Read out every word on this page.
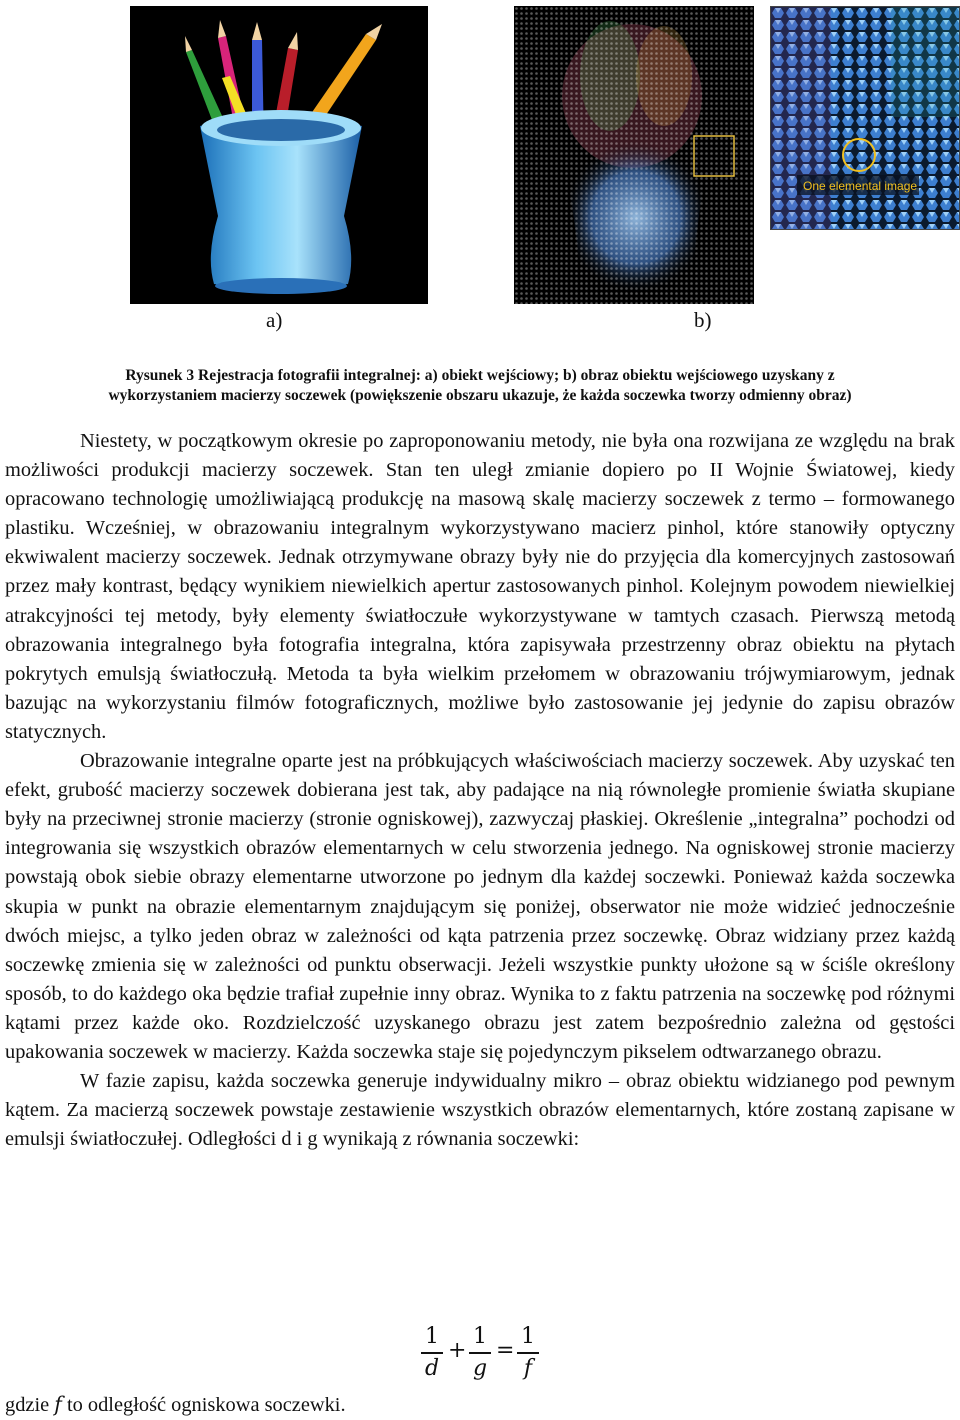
One elemental image
a)	b)
Rysunek 3 Rejestracja fotografii integralnej: a) obiekt wejściowy; b) obraz obiektu wejściowego uzyskany z
wykorzystaniem macierzy soczewek (powiększenie obszaru ukazuje, że każda soczewka tworzy odmienny obraz)

Niestety, w początkowym okresie po zaproponowaniu metody, nie była ona rozwijana ze względu na brak możliwości produkcji macierzy soczewek. Stan ten uległ zmianie dopiero po II Wojnie Światowej, kiedy opracowano technologię umożliwiającą produkcję na masową skalę macierzy soczewek z termo – formowanego plastiku. Wcześniej, w obrazowaniu integralnym wykorzystywano macierz pinhol, które stanowiły optyczny ekwiwalent macierzy soczewek. Jednak otrzymywane obrazy były nie do przyjęcia dla komercyjnych zastosowań przez mały kontrast, będący wynikiem niewielkich apertur zastosowanych pinhol. Kolejnym powodem niewielkiej atrakcyjności tej metody, były elementy światłoczułe wykorzystywane w tamtych czasach. Pierwszą metodą obrazowania integralnego była fotografia integralna, która zapisywała przestrzenny obraz obiektu na płytach pokrytych emulsją światłoczułą. Metoda ta była wielkim przełomem w obrazowaniu trójwymiarowym, jednak bazując na wykorzystaniu filmów fotograficznych, możliwe było zastosowanie jej jedynie do zapisu obrazów statycznych.

Obrazowanie integralne oparte jest na próbkujących właściwościach macierzy soczewek. Aby uzyskać ten efekt, grubość macierzy soczewek dobierana jest tak, aby padające na nią równoległe promienie światła skupiane były na przeciwnej stronie macierzy (stronie ogniskowej), zazwyczaj płaskiej. Określenie „integralna” pochodzi od integrowania się wszystkich obrazów elementarnych w celu stworzenia jednego. Na ogniskowej stronie macierzy powstają obok siebie obrazy elementarne utworzone po jednym dla każdej soczewki. Ponieważ każda soczewka skupia w punkt na obrazie elementarnym znajdującym się poniżej, obserwator nie może widzieć jednocześnie dwóch miejsc, a tylko jeden obraz w zależności od kąta patrzenia przez soczewkę. Obraz widziany przez każdą soczewkę zmienia się w zależności od punktu obserwacji. Jeżeli wszystkie punkty ułożone są w ściśle określony sposób, to do każdego oka będzie trafiał zupełnie inny obraz. Wynika to z faktu patrzenia na soczewkę pod różnymi kątami przez każde oko. Rozdzielczość uzyskanego obrazu jest zatem bezpośrednio zależna od gęstości upakowania soczewek w macierzy. Każda soczewka staje się pojedynczym pikselem odtwarzanego obrazu.

W fazie zapisu, każda soczewka generuje indywidualny mikro – obraz obiektu widzianego pod pewnym kątem. Za macierzą soczewek powstaje zestawienie wszystkich obrazów elementarnych, które zostaną zapisane w emulsji światłoczułej. Odległości d i g wynikają z równania soczewki:

1
d
+
1
g
=
1
f
gdzie f to odległość ogniskowa soczewki.
